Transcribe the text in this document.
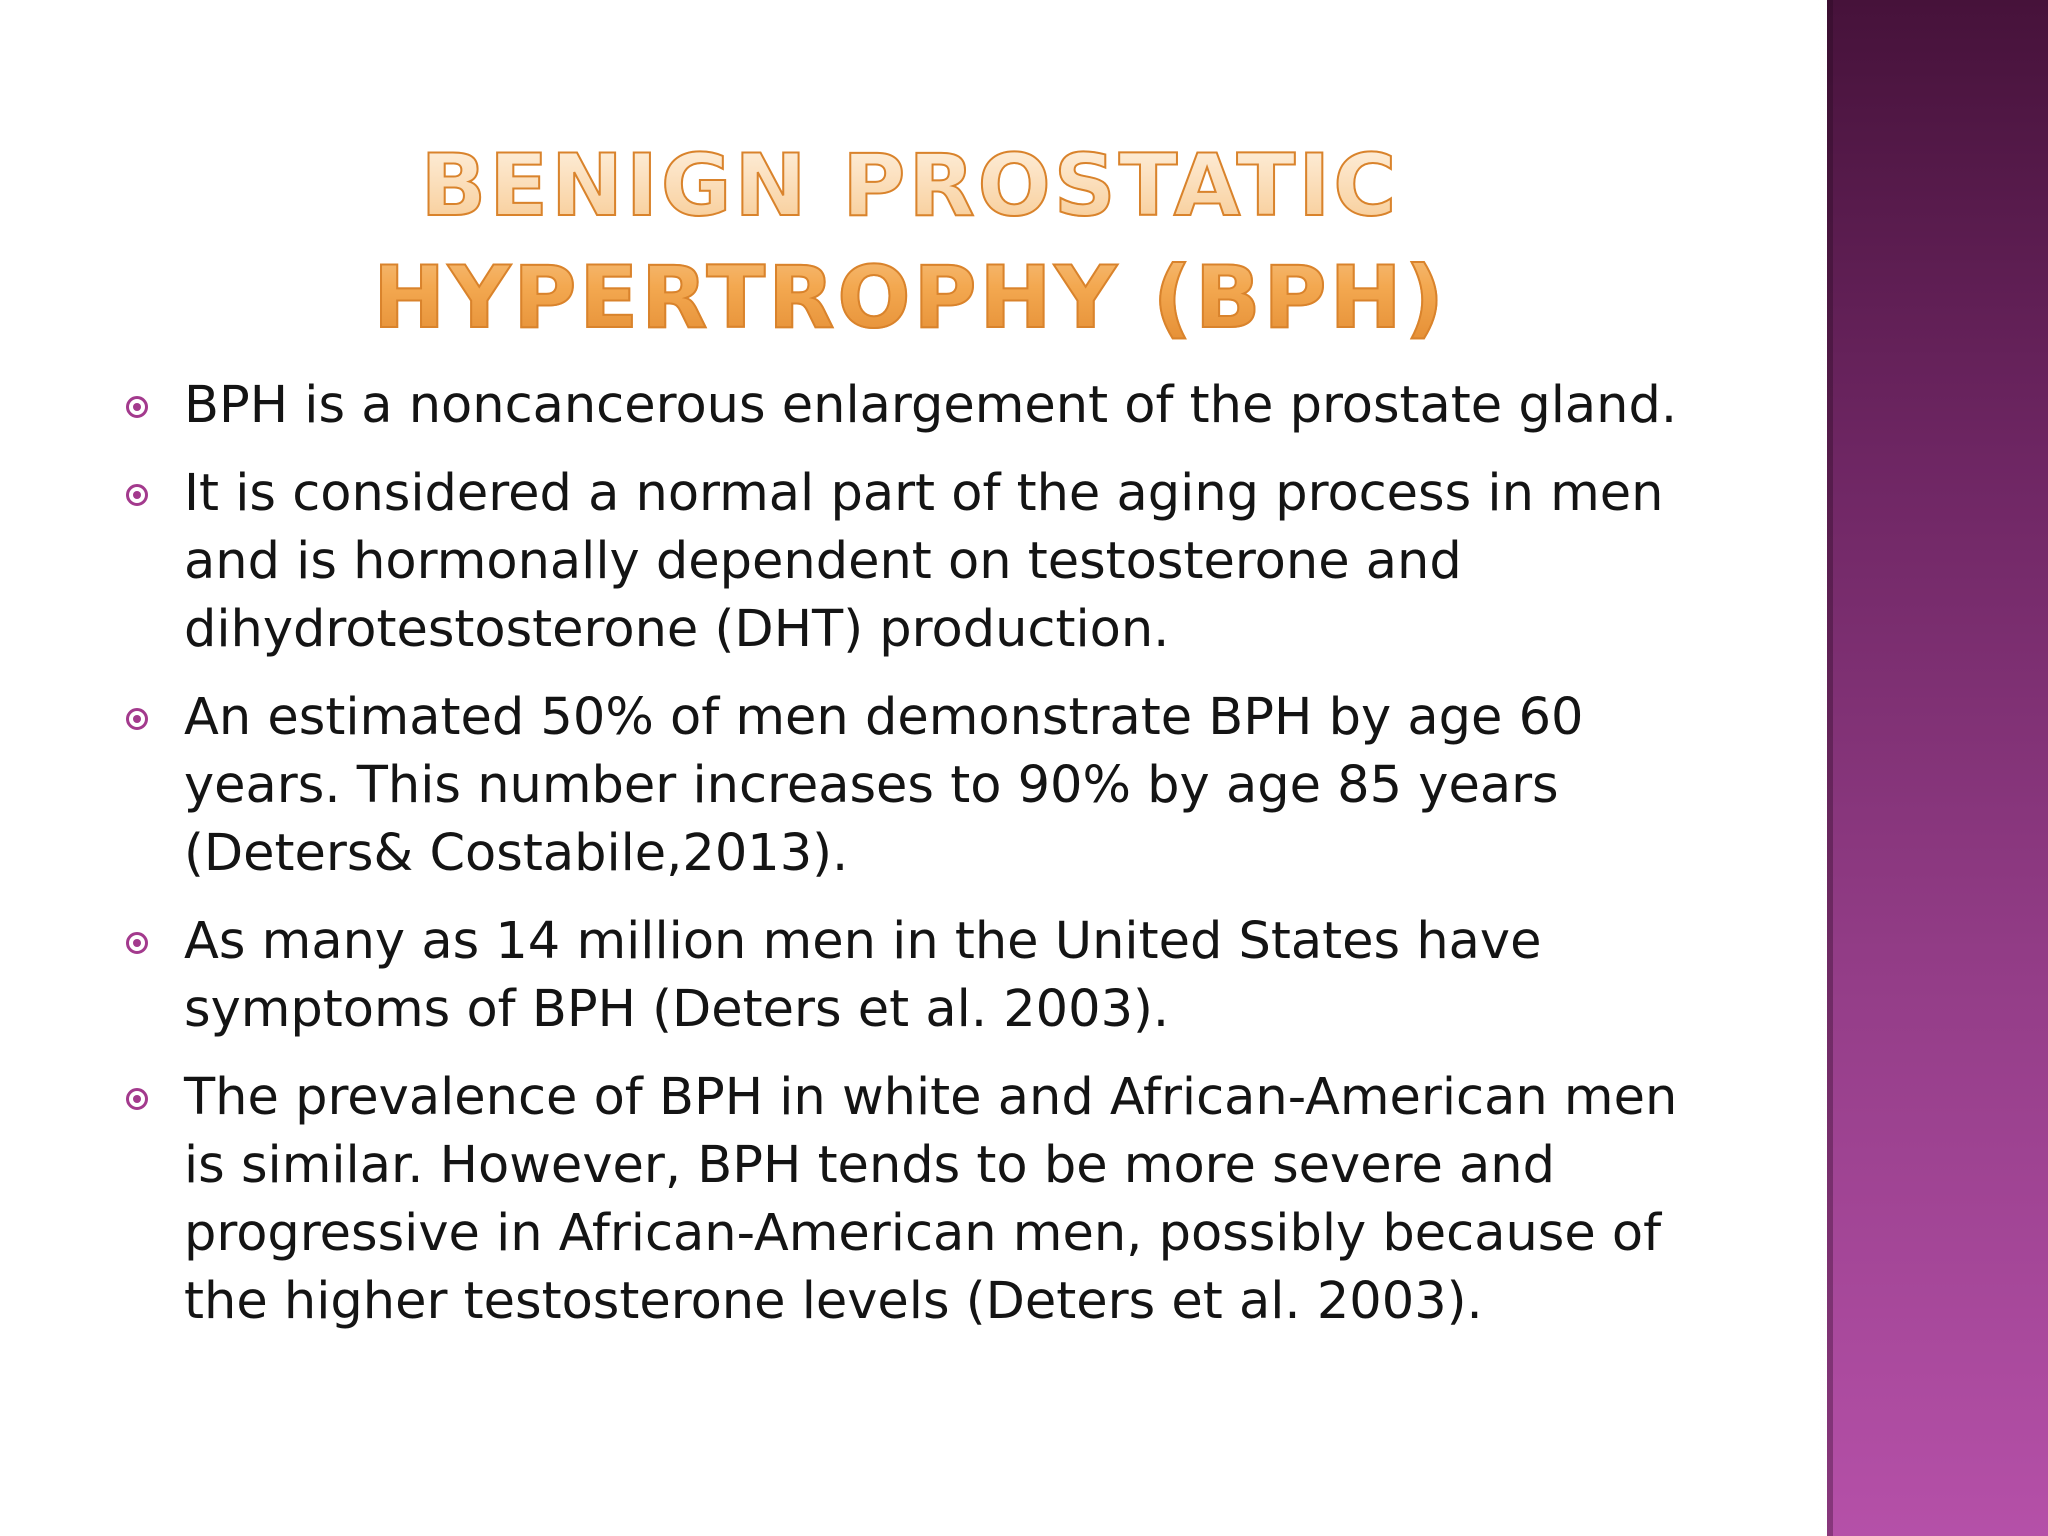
BENIGN PROSTATIC HYPERTROPHY (BPH)
BPH is a noncancerous enlargement of the prostate gland.
It is considered a normal part of the aging process in men and is hormonally dependent on testosterone and dihydrotestosterone (DHT) production.
An estimated 50% of men demonstrate BPH by age 60 years. This number increases to 90% by age 85 years (Deters& Costabile,2013).
As many as 14 million men in the United States have symptoms of BPH (Deters et al. 2003).
The prevalence of BPH in white and African-American men is similar. However, BPH tends to be more severe and progressive in African-American men, possibly because of the higher testosterone levels (Deters et al. 2003).
